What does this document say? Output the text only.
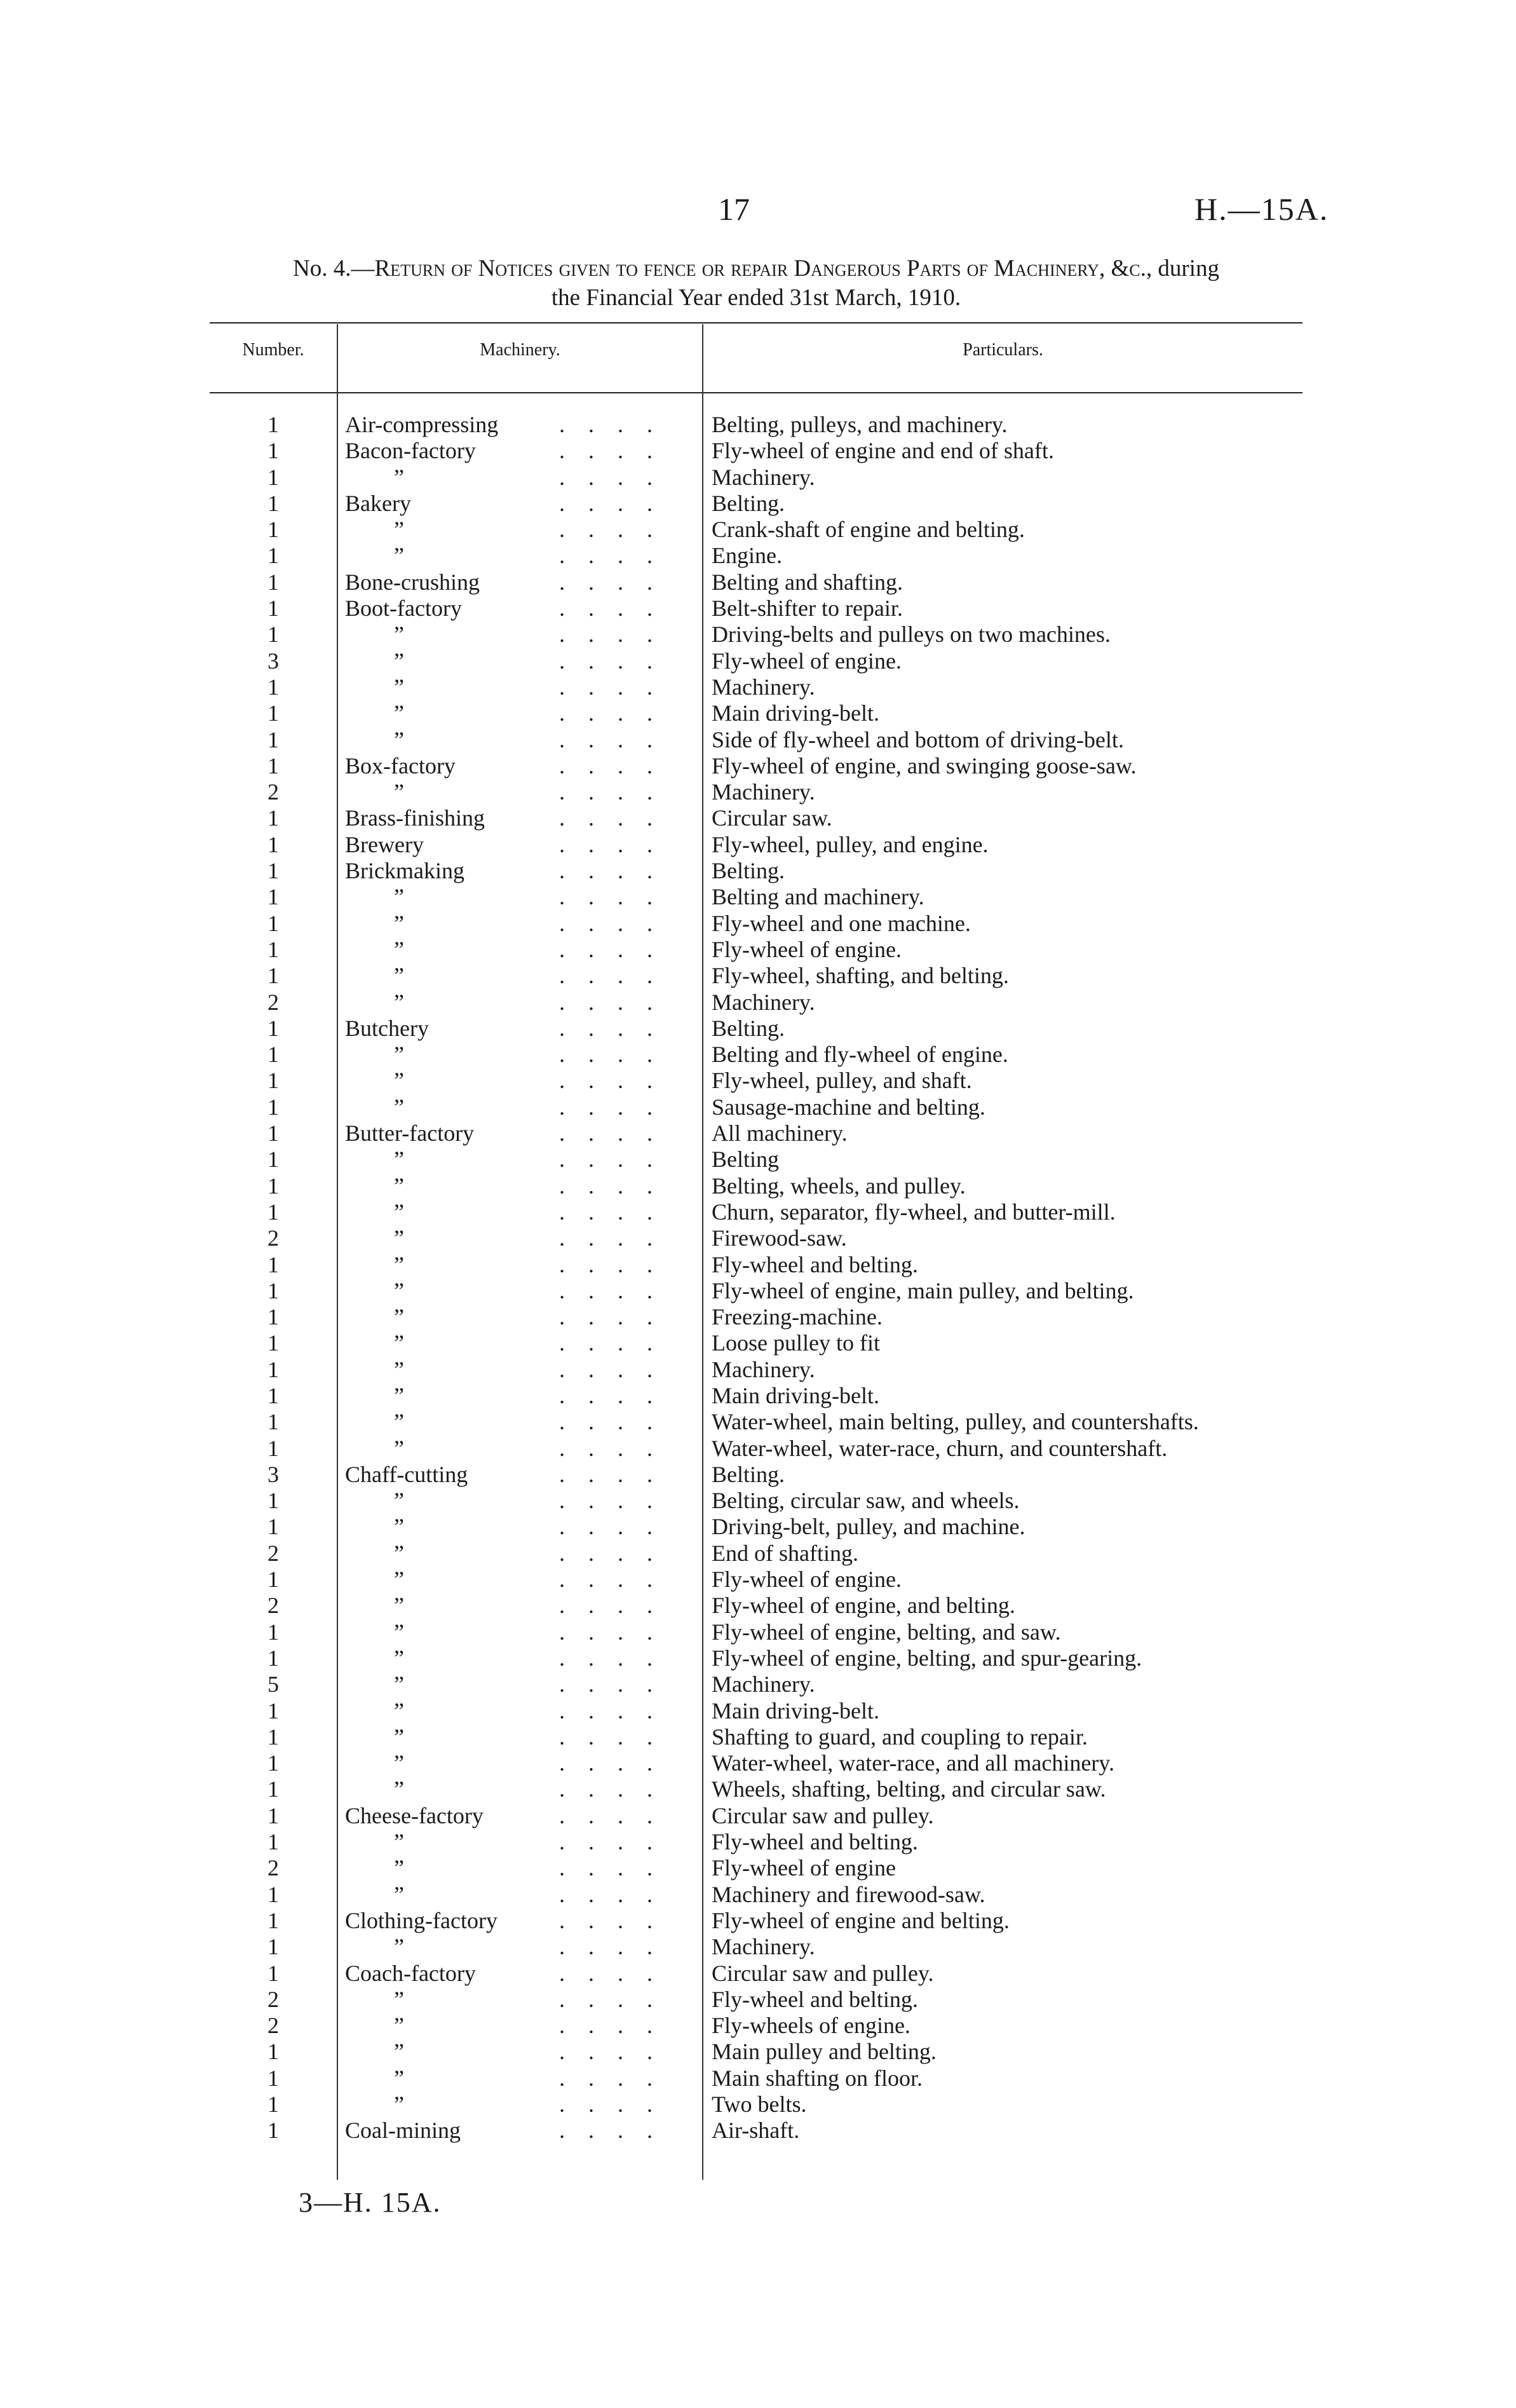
17	H.—15A.
No. 4.—Return of Notices given to fence or repair Dangerous Parts of Machinery, &c., during
the Financial Year ended 31st March, 1910.
Number.	Machinery.	Particulars.
1	Air-compressing	. . . . Belting, pulleys, and machinery.
1	Bacon-factory	. . . . Fly-wheel of engine and end of shaft.
1	”	. . . . Machinery.
1	Bakery	. . . . Belting.
1	”	. . . . Crank-shaft of engine and belting.
1	”	. . . . Engine.
1	Bone-crushing	. . . . Belting and shafting.
1	Boot-factory	. . . . Belt-shifter to repair.
1	”	. . . . Driving-belts and pulleys on two machines.
3	”	. . . . Fly-wheel of engine.
1	”	. . . . Machinery.
1	”	. . . . Main driving-belt.
1	”	. . . . Side of fly-wheel and bottom of driving-belt.
1	Box-factory	. . . . Fly-wheel of engine, and swinging goose-saw.
2	”	. . . . Machinery.
1	Brass-finishing	. . . . Circular saw.
1	Brewery	. . . . Fly-wheel, pulley, and engine.
1	Brickmaking	. . . . Belting.
1	”	. . . . Belting and machinery.
1	”	. . . . Fly-wheel and one machine.
1	”	. . . . Fly-wheel of engine.
1	”	. . . . Fly-wheel, shafting, and belting.
2	”	. . . . Machinery.
1	Butchery	. . . . Belting.
1	”	. . . . Belting and fly-wheel of engine.
1	”	. . . . Fly-wheel, pulley, and shaft.
1	”	. . . . Sausage-machine and belting.
1	Butter-factory	. . . . All machinery.
1	”	. . . . Belting
1	”	. . . . Belting, wheels, and pulley.
1	”	. . . . Churn, separator, fly-wheel, and butter-mill.
2	”	. . . . Firewood-saw.
1	”	. . . . Fly-wheel and belting.
1	”	. . . . Fly-wheel of engine, main pulley, and belting.
1	”	. . . . Freezing-machine.
1	”	. . . . Loose pulley to fit
1	”	. . . . Machinery.
1	”	. . . . Main driving-belt.
1	”	. . . . Water-wheel, main belting, pulley, and countershafts.
1	”	. . . . Water-wheel, water-race, churn, and countershaft.
3	Chaff-cutting	. . . . Belting.
1	”	. . . . Belting, circular saw, and wheels.
1	”	. . . . Driving-belt, pulley, and machine.
2	”	. . . . End of shafting.
1	”	. . . . Fly-wheel of engine.
2	”	. . . . Fly-wheel of engine, and belting.
1	”	. . . . Fly-wheel of engine, belting, and saw.
1	”	. . . . Fly-wheel of engine, belting, and spur-gearing.
5	”	. . . . Machinery.
1	”	. . . . Main driving-belt.
1	”	. . . . Shafting to guard, and coupling to repair.
1	”	. . . . Water-wheel, water-race, and all machinery.
1	”	. . . . Wheels, shafting, belting, and circular saw.
1	Cheese-factory	. . . . Circular saw and pulley.
1	”	. . . . Fly-wheel and belting.
2	”	. . . . Fly-wheel of engine
1	”	. . . . Machinery and firewood-saw.
1	Clothing-factory	. . . . Fly-wheel of engine and belting.
1	”	. . . . Machinery.
1	Coach-factory	. . . . Circular saw and pulley.
2	”	. . . . Fly-wheel and belting.
2	”	. . . . Fly-wheels of engine.
1	”	. . . . Main pulley and belting.
1	”	. . . . Main shafting on floor.
1	”	. . . . Two belts.
1	Coal-mining	. . . . Air-shaft.
3—H. 15A.
